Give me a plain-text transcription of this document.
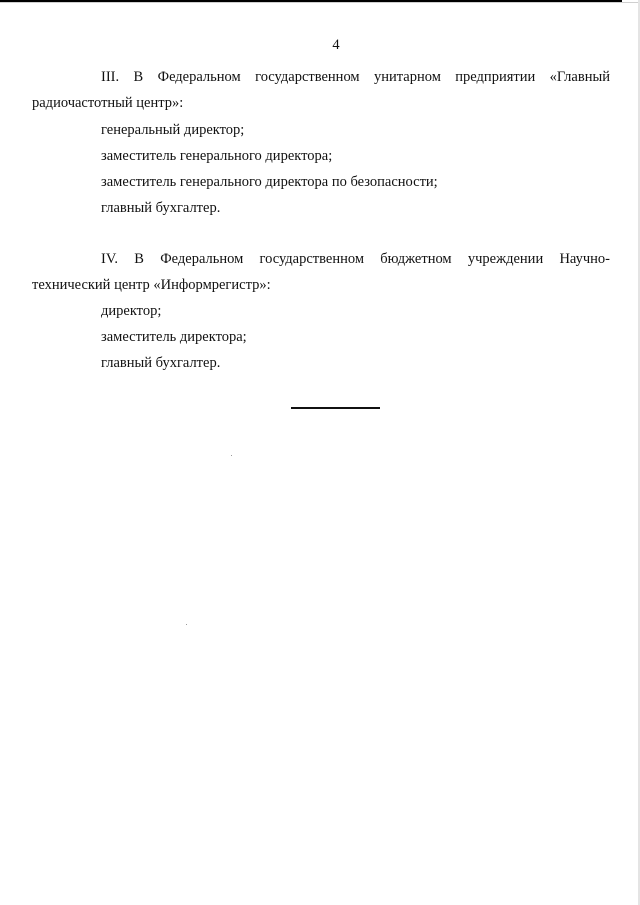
4
III. В Федеральном государственном унитарном предприятии «Главный
радиочастотный центр»:
генеральный директор;
заместитель генерального директора;
заместитель генерального директора по безопасности;
главный бухгалтер.
IV. В Федеральном государственном бюджетном учреждении Научно-
технический центр «Информрегистр»:
директор;
заместитель директора;
главный бухгалтер.
